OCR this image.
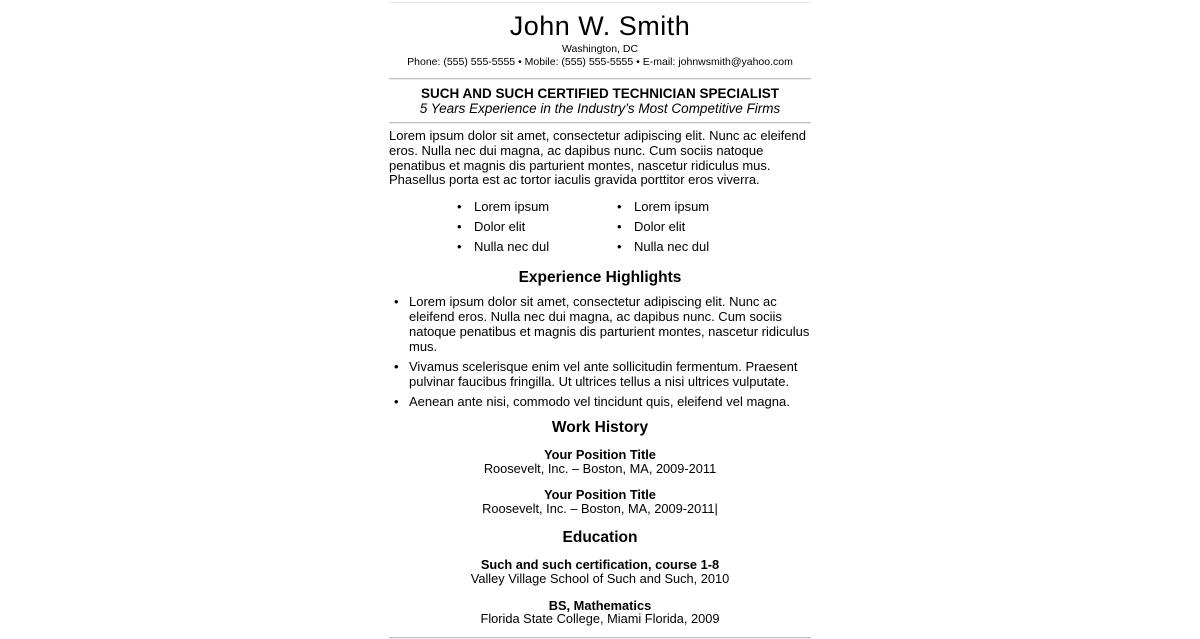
John W. Smith
Washington, DC
Phone: (555) 555-5555 • Mobile: (555) 555-5555 • E-mail: johnwsmith@yahoo.com
SUCH AND SUCH CERTIFIED TECHNICIAN SPECIALIST
5 Years Experience in the Industry’s Most Competitive Firms
Lorem ipsum dolor sit amet, consectetur adipiscing elit. Nunc ac eleifend eros. Nulla nec dui magna, ac dapibus nunc. Cum sociis natoque penatibus et magnis dis parturient montes, nascetur ridiculus mus. Phasellus porta est ac tortor iaculis gravida porttitor eros viverra.
• Lorem ipsum
• Dolor elit
• Nulla nec dul
• Lorem ipsum
• Dolor elit
• Nulla nec dul
Experience Highlights
• Lorem ipsum dolor sit amet, consectetur adipiscing elit. Nunc ac eleifend eros. Nulla nec dui magna, ac dapibus nunc. Cum sociis natoque penatibus et magnis dis parturient montes, nascetur ridiculus mus.
• Vivamus scelerisque enim vel ante sollicitudin fermentum. Praesent pulvinar faucibus fringilla. Ut ultrices tellus a nisi ultrices vulputate.
• Aenean ante nisi, commodo vel tincidunt quis, eleifend vel magna.
Work History
Your Position Title
Roosevelt, Inc. – Boston, MA, 2009-2011
Your Position Title
Roosevelt, Inc. – Boston, MA, 2009-2011|
Education
Such and such certification, course 1-8
Valley Village School of Such and Such, 2010
BS, Mathematics
Florida State College, Miami Florida, 2009
